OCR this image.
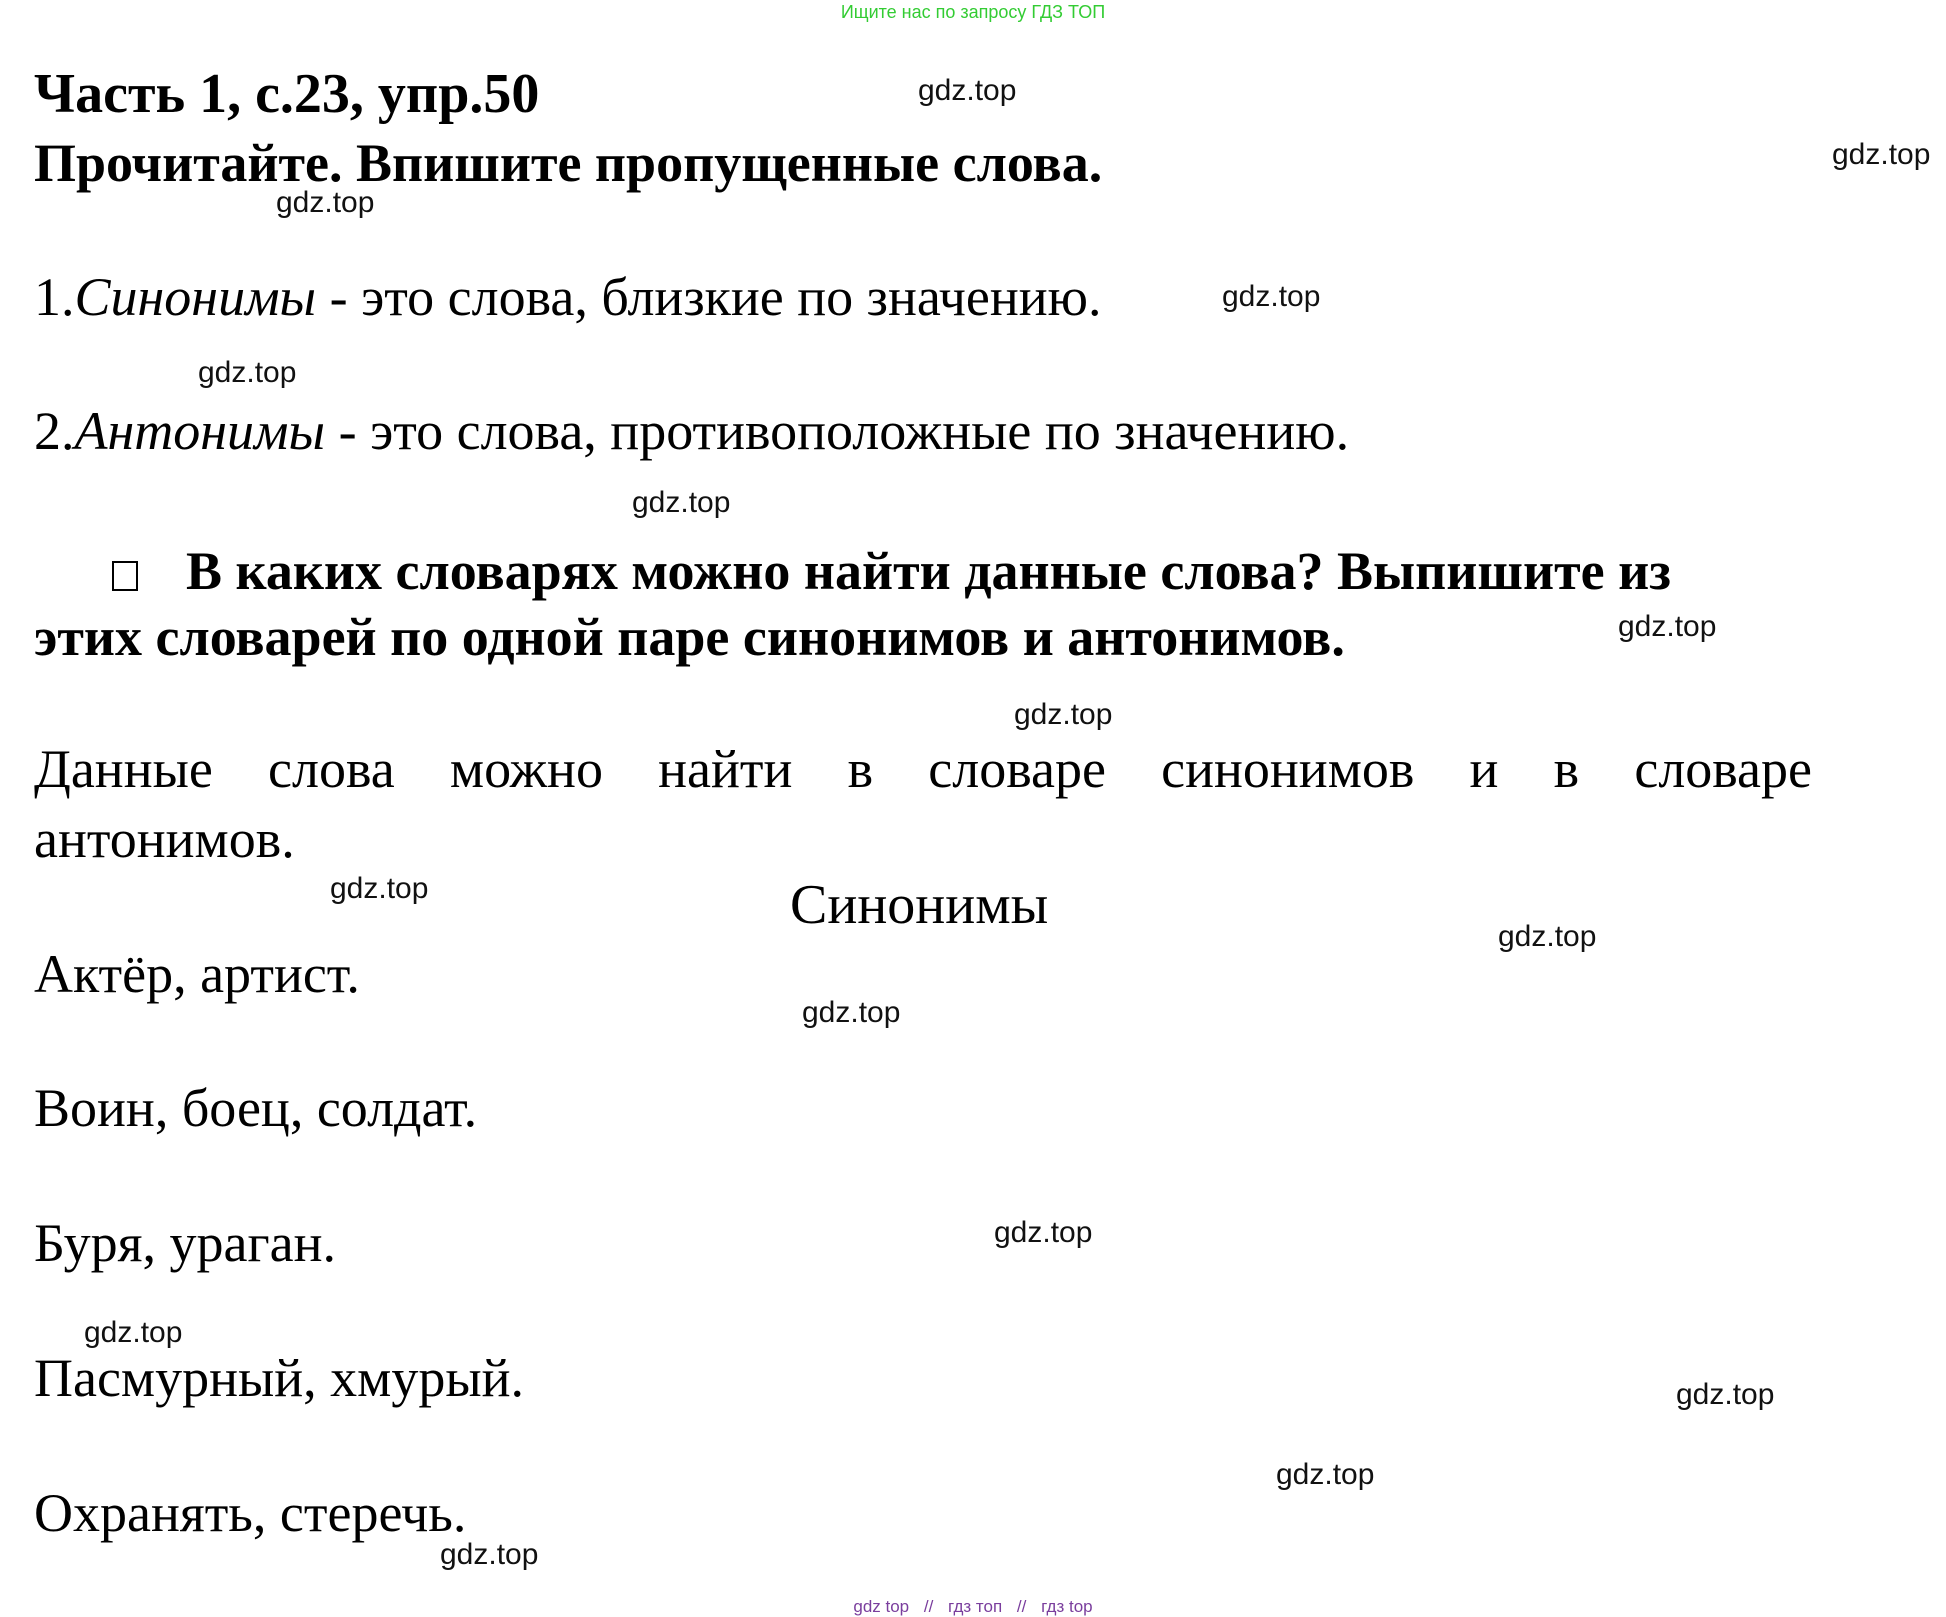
Ищите нас по запросу ГДЗ ТОП
Часть 1, с.23, упр.50
Прочитайте. Впишите пропущенные слова.
1.Синонимы - это слова, близкие по значению.
2.Антонимы - это слова, противоположные по значению.
В каких словарях можно найти данные слова? Выпишите из
этих словарей по одной паре синонимов и антонимов.
Данные слова можно найти в словаре синонимов и в словаре
антонимов.
Синонимы
Актёр, артист.
Воин, боец, солдат.
Буря, ураган.
Пасмурный, хмурый.
Охранять, стеречь.
gdz.top
gdz.top
gdz.top
gdz.top
gdz.top
gdz.top
gdz.top
gdz.top
gdz.top
gdz.top
gdz.top
gdz.top
gdz.top
gdz.top
gdz.top
gdz.top
gdz top // гдз топ // гдз top
